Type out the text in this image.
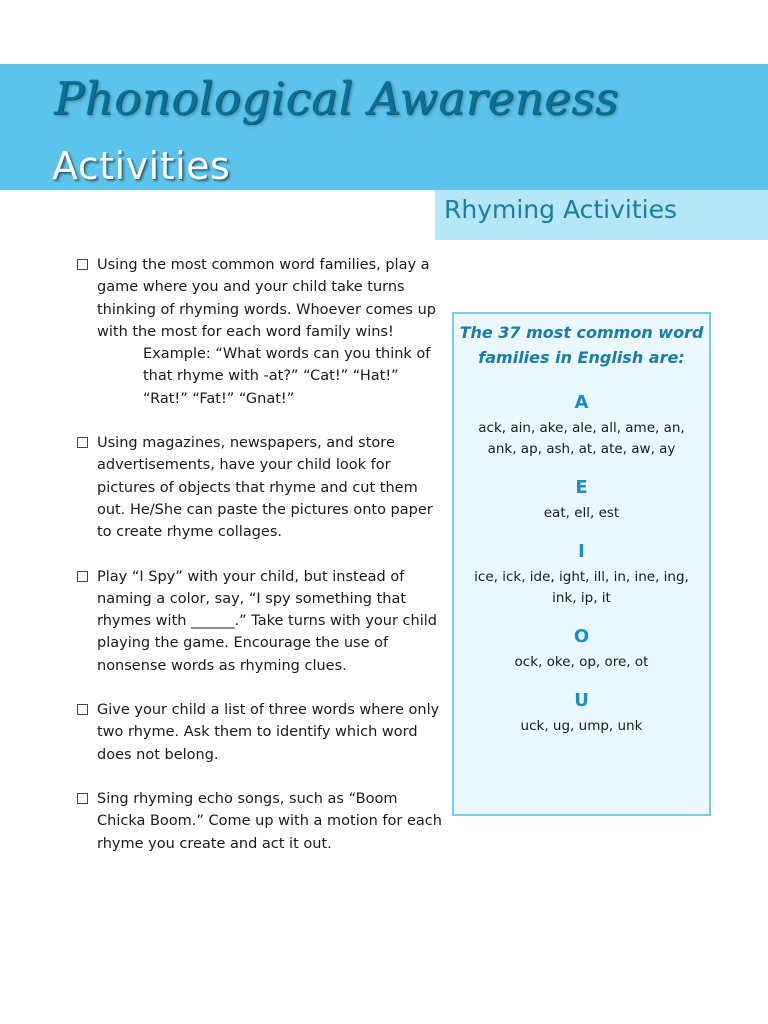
Phonological Awareness
Activities
Rhyming Activities
Using the most common word families, play a game where you and your child take turns thinking of rhyming words. Whoever comes up with the most for each word family wins!
Example: “What words can you think of that rhyme with -at?” “Cat!” “Hat!” “Rat!” “Fat!” “Gnat!”
Using magazines, newspapers, and store advertisements, have your child look for pictures of objects that rhyme and cut them out. He/She can paste the pictures onto paper to create rhyme collages.
Play “I Spy” with your child, but instead of naming a color, say, “I spy something that rhymes with ______.” Take turns with your child playing the game. Encourage the use of nonsense words as rhyming clues.
Give your child a list of three words where only two rhyme. Ask them to identify which word does not belong.
Sing rhyming echo songs, such as “Boom Chicka Boom.” Come up with a motion for each rhyme you create and act it out.
The 37 most common word families in English are:
A
ack, ain, ake, ale, all, ame, an, ank, ap, ash, at, ate, aw, ay
E
eat, ell, est
I
ice, ick, ide, ight, ill, in, ine, ing, ink, ip, it
O
ock, oke, op, ore, ot
U
uck, ug, ump, unk
